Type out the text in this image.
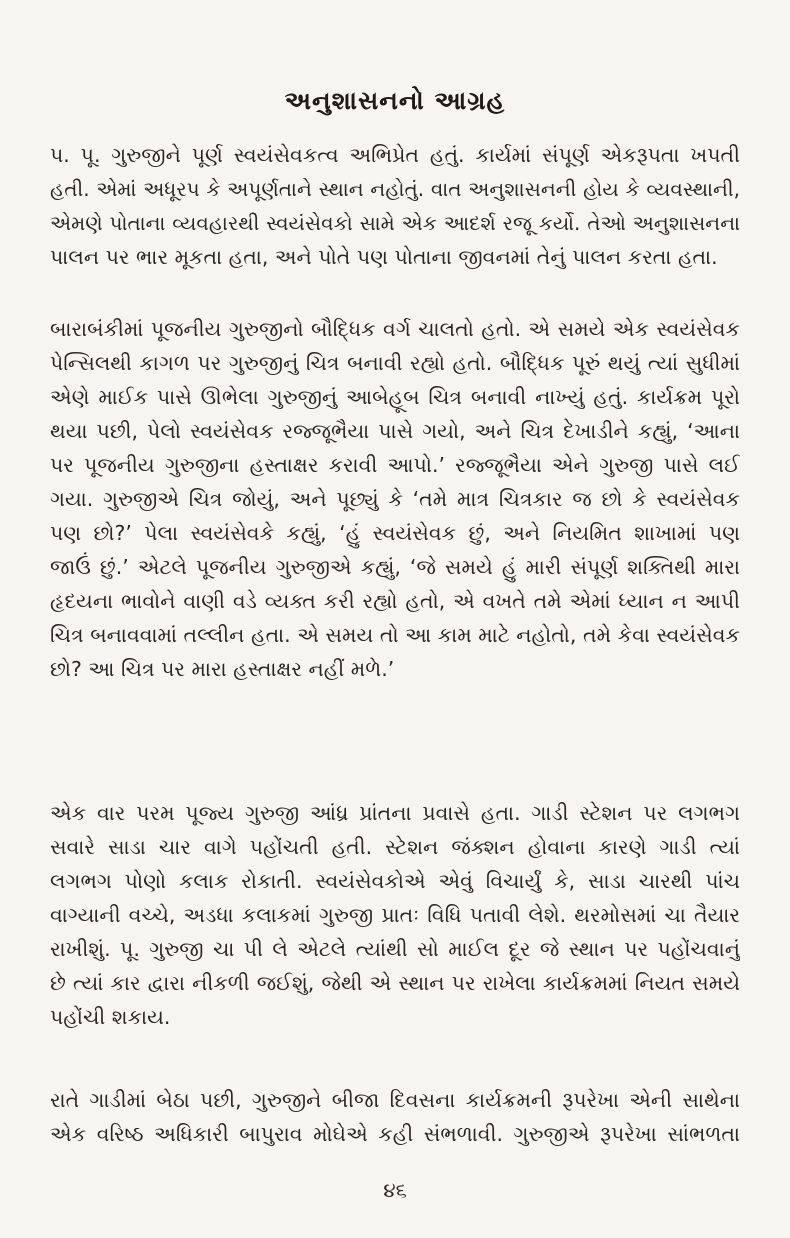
અનુશાસનનો આગ્રહ
પ. પૂ. ગુરુજીને પૂર્ણ સ્વયંસેવકત્વ અભિપ્રેત હતું. કાર્યમાં સંપૂર્ણ એકરૂપતા ખપતી
હતી. એમાં અધૂરપ કે અપૂર્ણતાને સ્થાન નહોતું. વાત અનુશાસનની હોય કે વ્યવસ્થાની,
એમણે પોતાના વ્યવહારથી સ્વયંસેવકો સામે એક આદર્શ રજૂ કર્યો. તેઓ અનુશાસનના
પાલન પર ભાર મૂકતા હતા, અને પોતે પણ પોતાના જીવનમાં તેનું પાલન કરતા હતા.
બારાબંકીમાં પૂજનીય ગુરુજીનો બૌદ્ધિક વર્ગ ચાલતો હતો. એ સમયે એક સ્વયંસેવક
પેન્સિલથી કાગળ પર ગુરુજીનું ચિત્ર બનાવી રહ્યો હતો. બૌદ્ધિક પૂરું થયું ત્યાં સુધીમાં
એણે માઈક પાસે ઊભેલા ગુરુજીનું આબેહૂબ ચિત્ર બનાવી નાખ્યું હતું. કાર્યક્રમ પૂરો
થયા પછી, પેલો સ્વયંસેવક રજ્જૂભૈયા પાસે ગયો, અને ચિત્ર દેખાડીને કહ્યું, ‘આના
પર પૂજનીય ગુરુજીના હસ્તાક્ષર કરાવી આપો.’ રજ્જૂભૈયા એને ગુરુજી પાસે લઈ
ગયા. ગુરુજીએ ચિત્ર જોયું, અને પૂછ્યું કે ‘તમે માત્ર ચિત્રકાર જ છો કે સ્વયંસેવક
પણ છો?’ પેલા સ્વયંસેવકે કહ્યું, ‘હું સ્વયંસેવક છું, અને નિયમિત શાખામાં પણ
જાઉં છું.’ એટલે પૂજનીય ગુરુજીએ કહ્યું, ‘જે સમયે હું મારી સંપૂર્ણ શક્તિથી મારા
હૃદયના ભાવોને વાણી વડે વ્યક્ત કરી રહ્યો હતો, એ વખતે તમે એમાં ધ્યાન ન આપી
ચિત્ર બનાવવામાં તલ્લીન હતા. એ સમય તો આ કામ માટે નહોતો, તમે કેવા સ્વયંસેવક
છો? આ ચિત્ર પર મારા હસ્તાક્ષર નહીં મળે.’
એક વાર પરમ પૂજ્ય ગુરુજી આંધ્ર પ્રાંતના પ્રવાસે હતા. ગાડી સ્ટેશન પર લગભગ
સવારે સાડા ચાર વાગે પહોંચતી હતી. સ્ટેશન જંક્શન હોવાના કારણે ગાડી ત્યાં
લગભગ પોણો કલાક રોકાતી. સ્વયંસેવકોએ એવું વિચાર્યું કે, સાડા ચારથી પાંચ
વાગ્યાની વચ્ચે, અડધા કલાકમાં ગુરુજી પ્રાતઃ વિધિ પતાવી લેશે. થરમોસમાં ચા તૈયાર
રાખીશું. પૂ. ગુરુજી ચા પી લે એટલે ત્યાંથી સો માઈલ દૂર જે સ્થાન પર પહોંચવાનું
છે ત્યાં કાર દ્વારા નીકળી જઈશું, જેથી એ સ્થાન પર રાખેલા કાર્યક્રમમાં નિયત સમયે
પહોંચી શકાય.
રાતે ગાડીમાં બેઠા પછી, ગુરુજીને બીજા દિવસના કાર્યક્રમની રૂપરેખા એની સાથેના
એક વરિષ્ઠ અધિકારી બાપુરાવ મોઘેએ કહી સંભળાવી. ગુરુજીએ રૂપરેખા સાંભળતા
૪૬
